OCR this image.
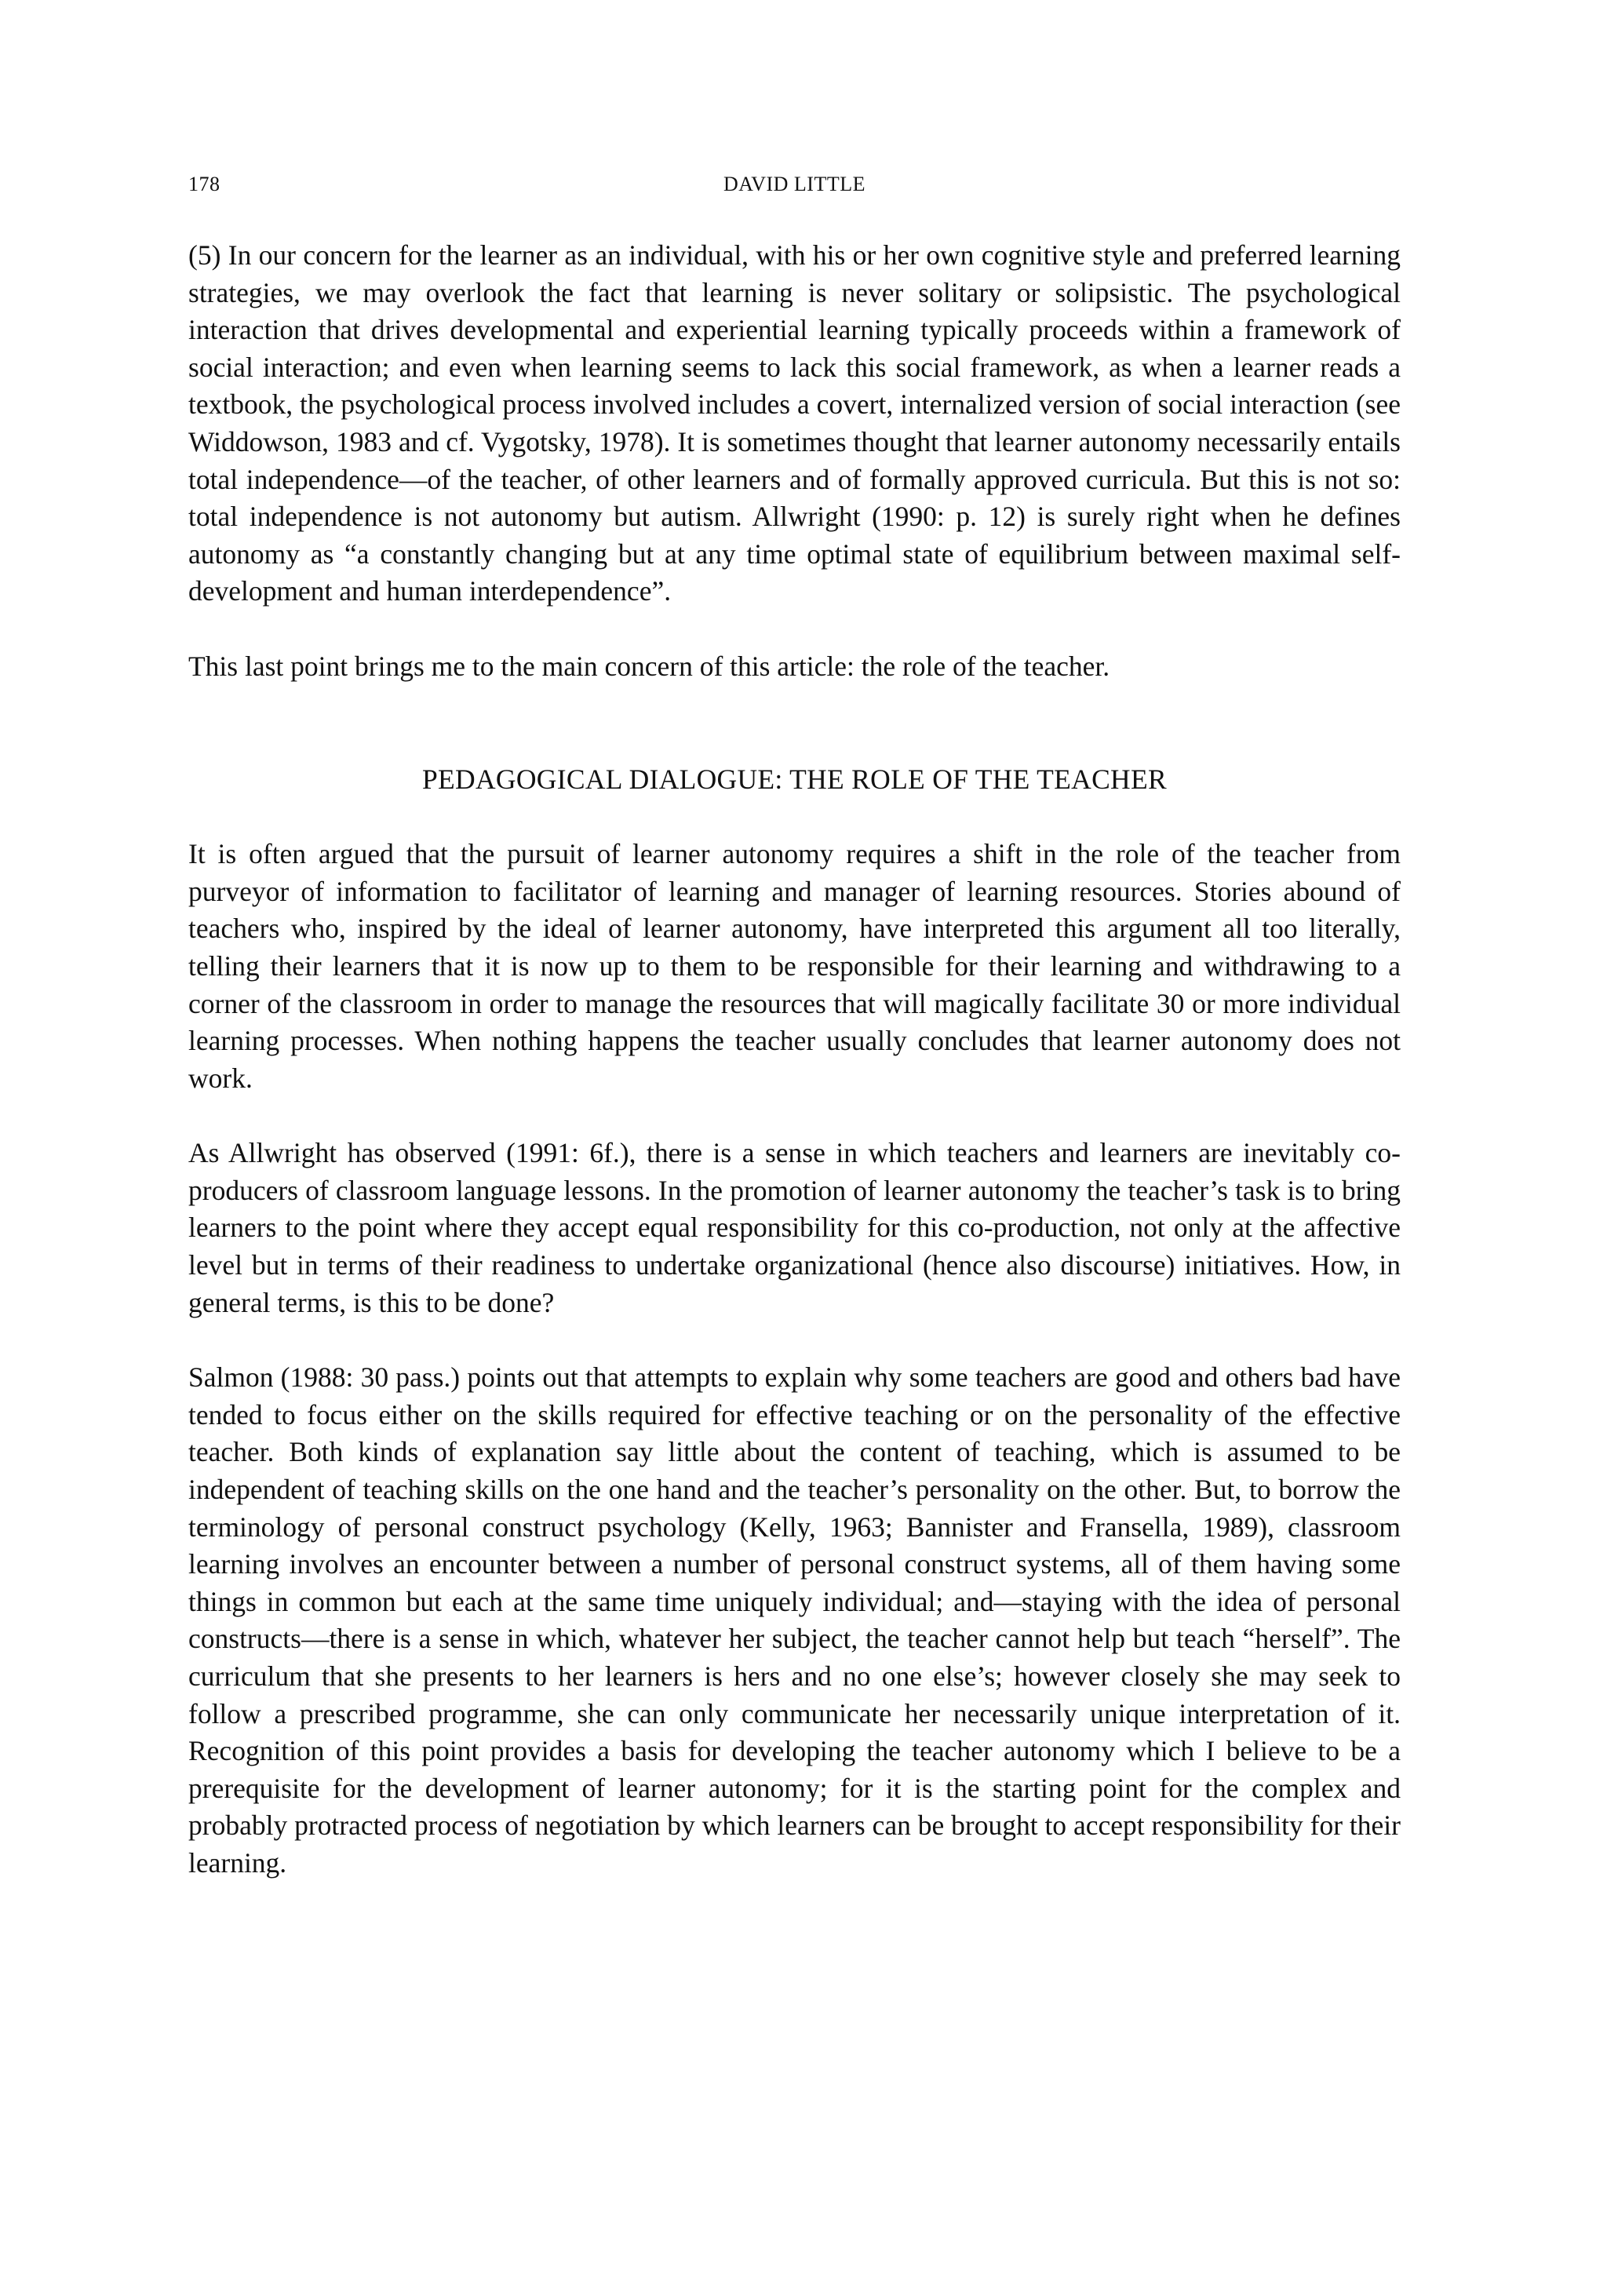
178	DAVID LITTLE

(5) In our concern for the learner as an individual, with his or her own cognitive style and preferred learning strategies, we may overlook the fact that learning is never solitary or solipsistic. The psychological interaction that drives developmental and experiential learning typically proceeds within a framework of social interaction; and even when learning seems to lack this social framework, as when a learner reads a textbook, the psychological process involved includes a covert, internalized version of social interaction (see Widdowson, 1983 and cf. Vygotsky, 1978). It is sometimes thought that learner autonomy necessarily entails total independence—of the teacher, of other learners and of formally approved curricula. But this is not so: total independence is not autonomy but autism. Allwright (1990: p. 12) is surely right when he defines autonomy as “a constantly changing but at any time optimal state of equilibrium between maximal self-development and human interdependence”.

This last point brings me to the main concern of this article: the role of the teacher.

PEDAGOGICAL DIALOGUE: THE ROLE OF THE TEACHER

It is often argued that the pursuit of learner autonomy requires a shift in the role of the teacher from purveyor of information to facilitator of learning and manager of learning resources. Stories abound of teachers who, inspired by the ideal of learner autonomy, have interpreted this argument all too literally, telling their learners that it is now up to them to be responsible for their learning and withdrawing to a corner of the classroom in order to manage the resources that will magically facilitate 30 or more individual learning processes. When nothing happens the teacher usually concludes that learner autonomy does not work.

As Allwright has observed (1991: 6f.), there is a sense in which teachers and learners are inevitably co-producers of classroom language lessons. In the promotion of learner autonomy the teacher’s task is to bring learners to the point where they accept equal responsibility for this co-production, not only at the affective level but in terms of their readiness to undertake organizational (hence also discourse) initiatives. How, in general terms, is this to be done?

Salmon (1988: 30 pass.) points out that attempts to explain why some teachers are good and others bad have tended to focus either on the skills required for effective teaching or on the personality of the effective teacher. Both kinds of explanation say little about the content of teaching, which is assumed to be independent of teaching skills on the one hand and the teacher’s personality on the other. But, to borrow the terminology of personal construct psychology (Kelly, 1963; Bannister and Fransella, 1989), classroom learning involves an encounter between a number of personal construct systems, all of them having some things in common but each at the same time uniquely individual; and—staying with the idea of personal constructs—there is a sense in which, whatever her subject, the teacher cannot help but teach “herself”. The curriculum that she presents to her learners is hers and no one else’s; however closely she may seek to follow a prescribed programme, she can only communicate her necessarily unique interpretation of it. Recognition of this point provides a basis for developing the teacher autonomy which I believe to be a prerequisite for the development of learner autonomy; for it is the starting point for the complex and probably protracted process of negotiation by which learners can be brought to accept responsibility for their learning.
